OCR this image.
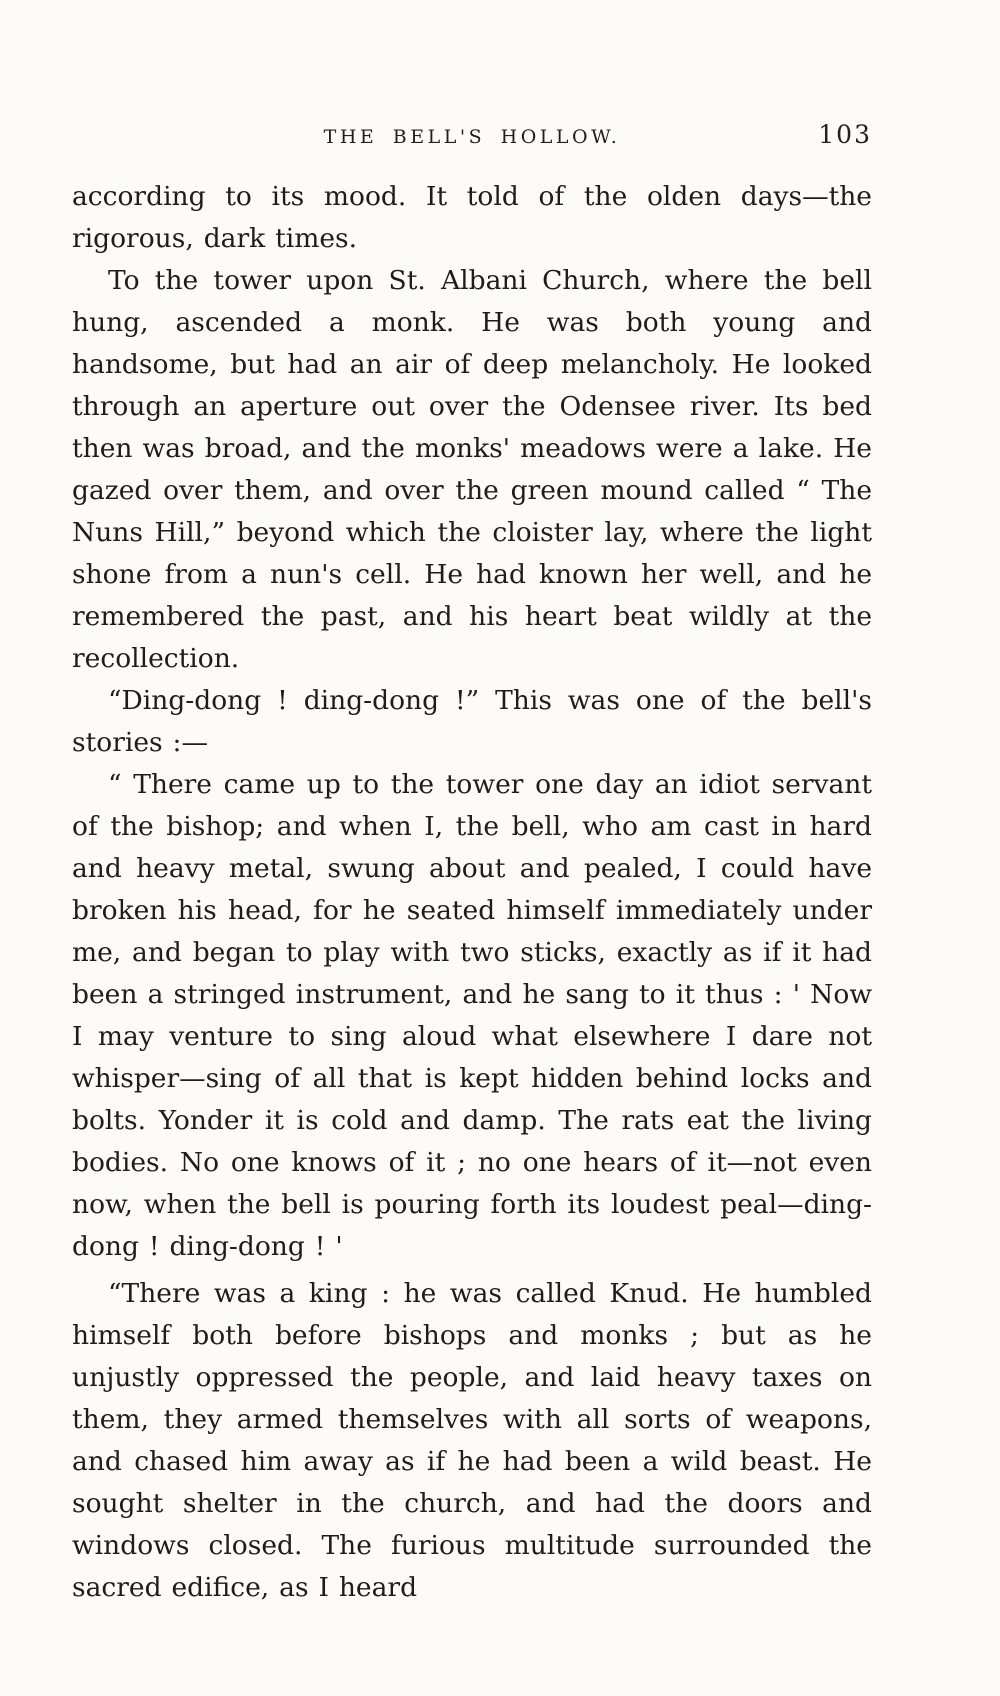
THE BELL'S HOLLOW.	103

according to its mood. It told of the olden days—the rigorous, dark times.

To the tower upon St. Albani Church, where the bell hung, ascended a monk. He was both young and handsome, but had an air of deep melancholy. He looked through an aperture out over the Odensee river. Its bed then was broad, and the monks' meadows were a lake. He gazed over them, and over the green mound called “ The Nuns Hill,” beyond which the cloister lay, where the light shone from a nun's cell. He had known her well, and he remembered the past, and his heart beat wildly at the recollection.

“Ding-dong ! ding-dong !” This was one of the bell's stories :—

“ There came up to the tower one day an idiot servant of the bishop; and when I, the bell, who am cast in hard and heavy metal, swung about and pealed, I could have broken his head, for he seated himself immediately under me, and began to play with two sticks, exactly as if it had been a stringed instrument, and he sang to it thus : ' Now I may venture to sing aloud what elsewhere I dare not whisper—sing of all that is kept hidden behind locks and bolts. Yonder it is cold and damp. The rats eat the living bodies. No one knows of it ; no one hears of it—not even now, when the bell is pouring forth its loudest peal—ding-dong ! ding-dong ! '

“There was a king : he was called Knud. He humbled himself both before bishops and monks ; but as he unjustly oppressed the people, and laid heavy taxes on them, they armed themselves with all sorts of weapons, and chased him away as if he had been a wild beast. He sought shelter in the church, and had the doors and windows closed. The furious multitude surrounded the sacred edifice, as I heard
